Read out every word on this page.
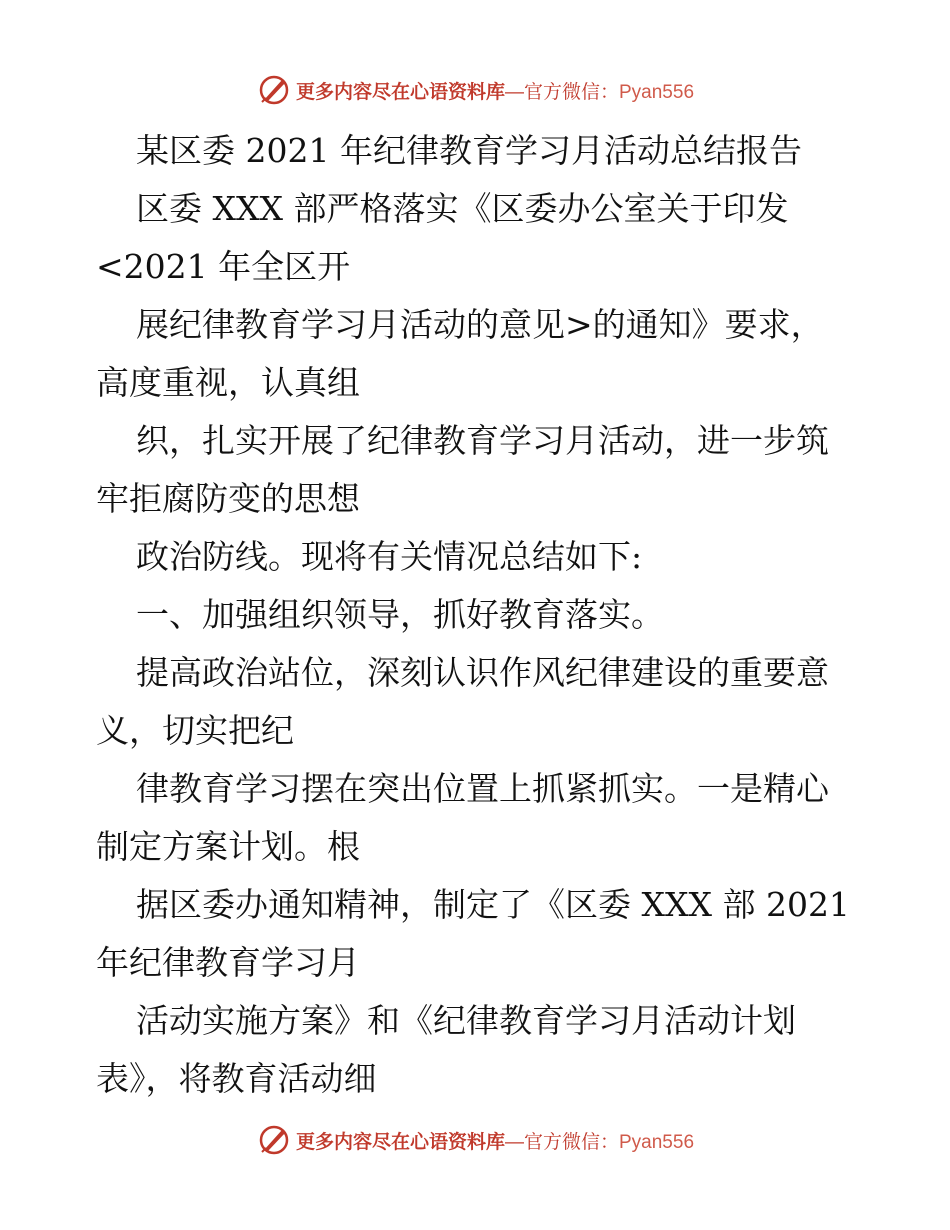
更多内容尽在心语资料库—官方微信：Pyan556
某区委 2021 年纪律教育学习月活动总结报告
区委 XXX 部严格落实《区委办公室关于印发
<2021 年全区开
展纪律教育学习月活动的意见>的通知》要求，
高度重视，认真组
织，扎实开展了纪律教育学习月活动，进一步筑
牢拒腐防变的思想
政治防线。现将有关情况总结如下:
一、加强组织领导，抓好教育落实。
提高政治站位，深刻认识作风纪律建设的重要意
义，切实把纪
律教育学习摆在突出位置上抓紧抓实。一是精心
制定方案计划。根
据区委办通知精神，制定了《区委 XXX 部 2021
年纪律教育学习月
活动实施方案》和《纪律教育学习月活动计划
表》，将教育活动细
更多内容尽在心语资料库—官方微信：Pyan556
